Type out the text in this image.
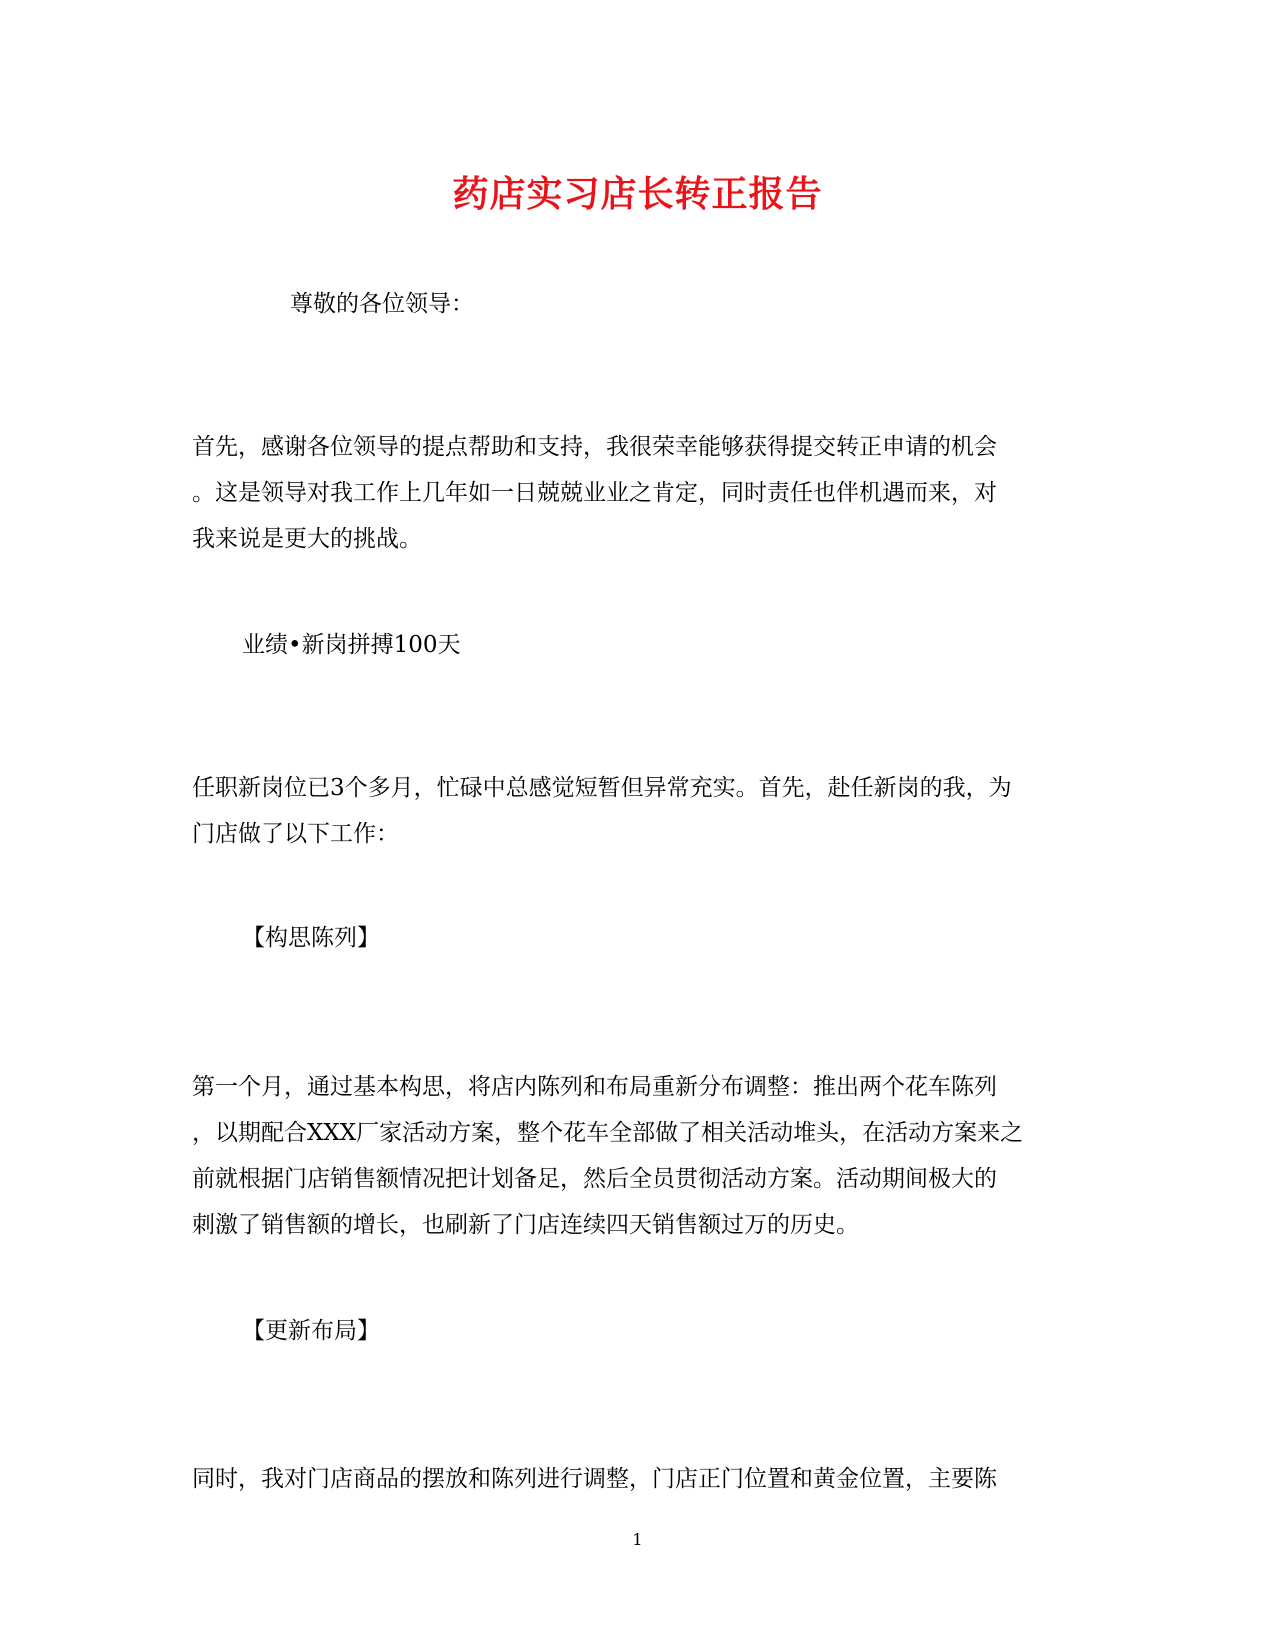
药店实习店长转正报告
尊敬的各位领导：
首先，感谢各位领导的提点帮助和支持，我很荣幸能够获得提交转正申请的机会
。这是领导对我工作上几年如一日兢兢业业之肯定，同时责任也伴机遇而来，对
我来说是更大的挑战。
业绩•新岗拼搏100天
任职新岗位已3个多月，忙碌中总感觉短暂但异常充实。首先，赴任新岗的我，为
门店做了以下工作：
【构思陈列】
第一个月，通过基本构思，将店内陈列和布局重新分布调整：推出两个花车陈列
，以期配合XXX厂家活动方案，整个花车全部做了相关活动堆头，在活动方案来之
前就根据门店销售额情况把计划备足，然后全员贯彻活动方案。活动期间极大的
刺激了销售额的增长，也刷新了门店连续四天销售额过万的历史。
【更新布局】
同时，我对门店商品的摆放和陈列进行调整，门店正门位置和黄金位置，主要陈
1
